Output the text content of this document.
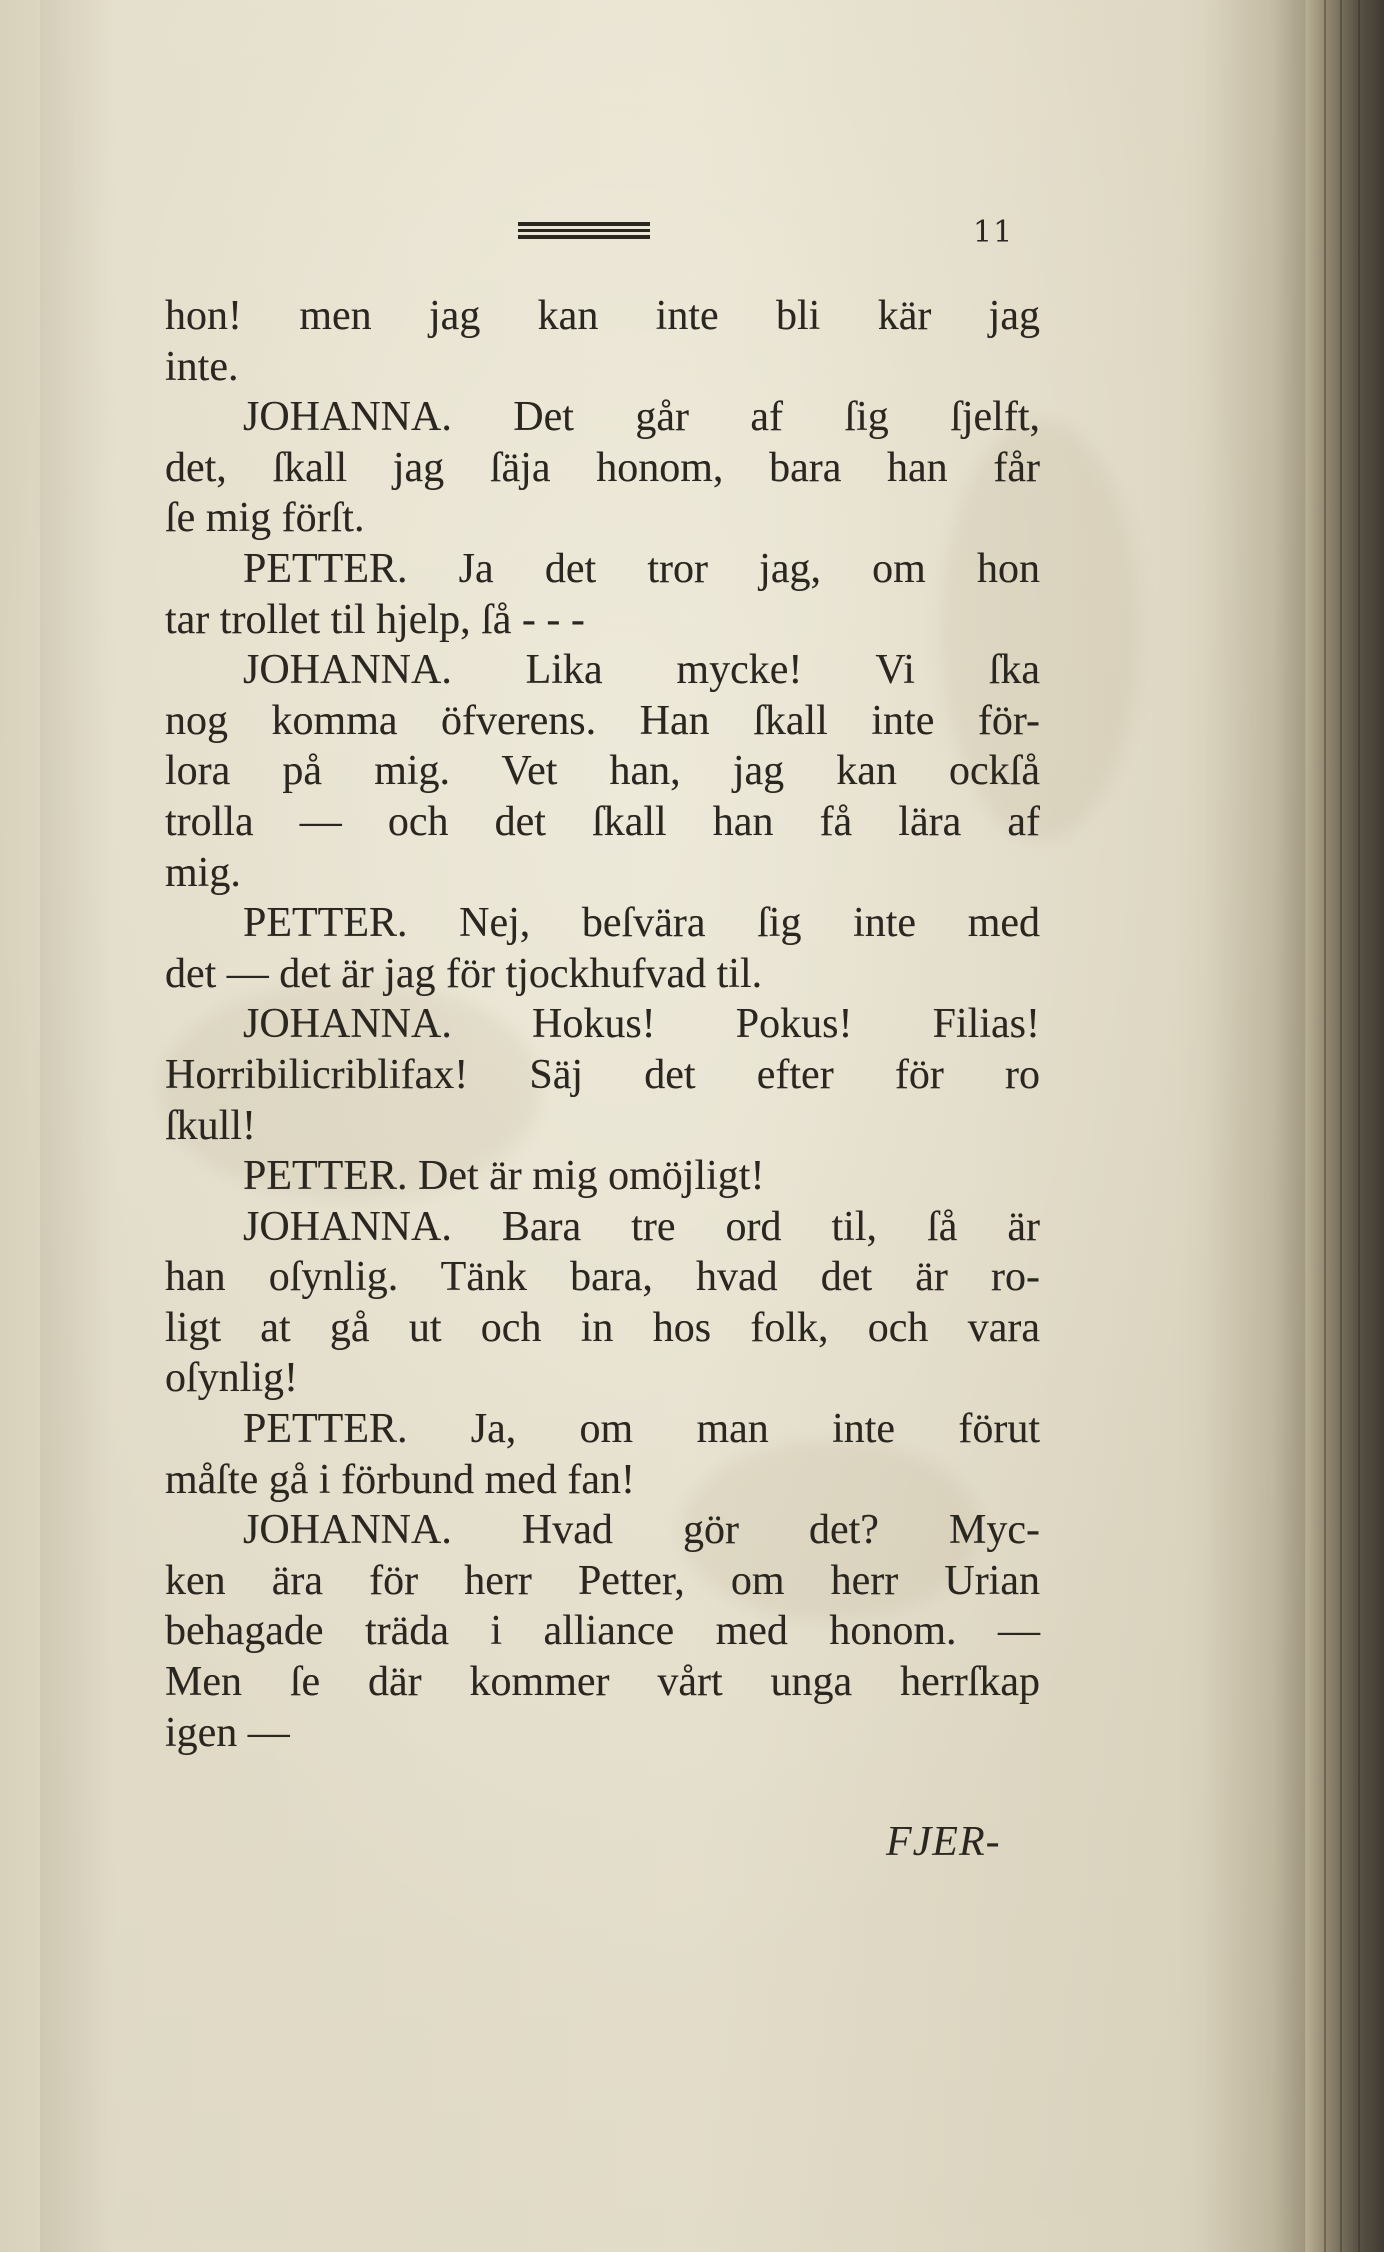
11
hon! men jag kan inte bli kär jag
inte.
JOHANNA. Det går af ſig ſjelft,
det, ſkall jag ſäja honom, bara han får
ſe mig förſt.
PETTER. Ja det tror jag, om hon
tar trollet til hjelp, ſå - - -
JOHANNA. Lika mycke! Vi ſka
nog komma öfverens. Han ſkall inte för-
lora på mig. Vet han, jag kan ockſå
trolla — och det ſkall han få lära af
mig.
PETTER. Nej, beſvära ſig inte med
det — det är jag för tjockhufvad til.
JOHANNA. Hokus! Pokus! Filias!
Horribilicriblifax! Säj det efter för ro
ſkull!
PETTER. Det är mig omöjligt!
JOHANNA. Bara tre ord til, ſå är
han oſynlig. Tänk bara, hvad det är ro-
ligt at gå ut och in hos folk, och vara
oſynlig!
PETTER. Ja, om man inte förut
måſte gå i förbund med fan!
JOHANNA. Hvad gör det? Myc-
ken ära för herr Petter, om herr Urian
behagade träda i alliance med honom. —
Men ſe där kommer vårt unga herrſkap
igen —
FJER-
